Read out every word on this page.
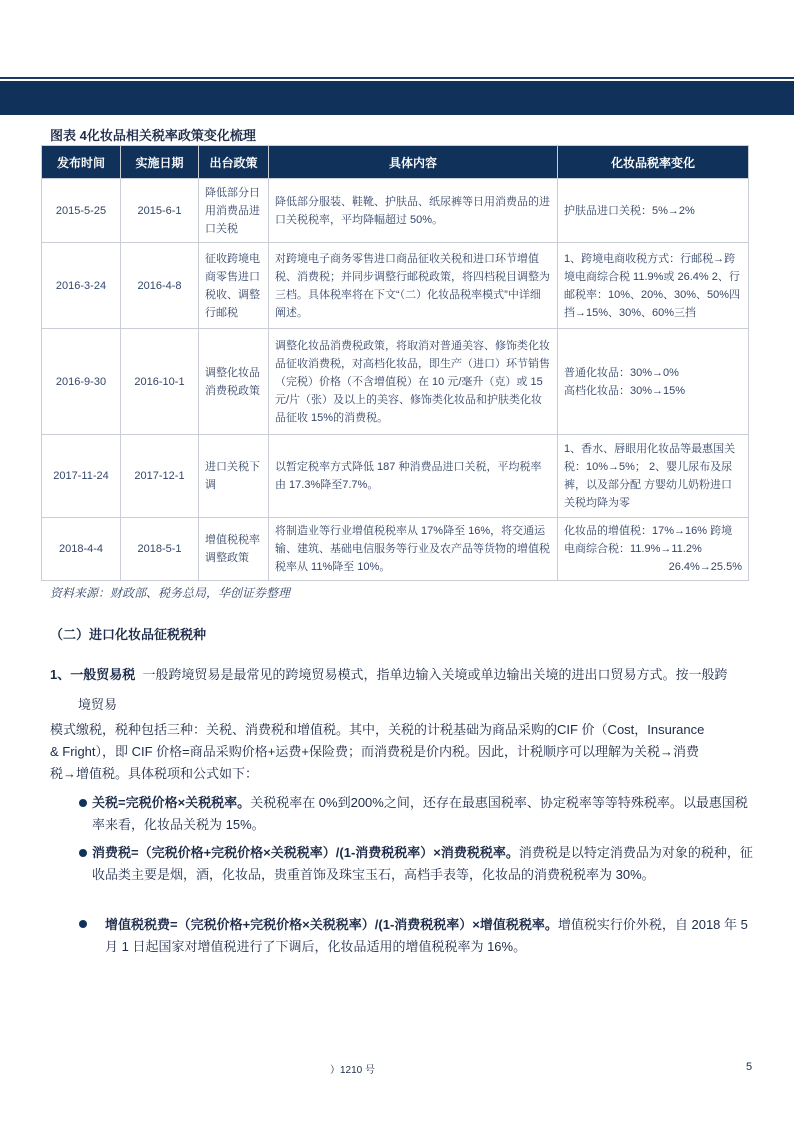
图表 4化妆品相关税率政策变化梳理
发布时间	实施日期	出台政策	具体内容	化妆品税率变化
2015-5-25	2015-6-1	降低部分日用消费品进口关税	降低部分服装、鞋靴、护肤品、纸尿裤等日用消费品的进口关税税率，平均降幅超过 50%。	护肤品进口关税：5%→2%
2016-3-24	2016-4-8	征收跨境电商零售进口税收、调整行邮税	对跨境电子商务零售进口商品征收关税和进口环节增值税、消费税；并同步调整行邮税政策，将四档税目调整为三档。具体税率将在下文“（二）化妆品税率模式”中详细阐述。	1、跨境电商收税方式：行邮税→跨境电商综合税 11.9%或 26.4% 2、行邮税率：10%、20%、30%、50%四挡→15%、30%、60%三挡
2016-9-30	2016-10-1	调整化妆品消费税政策	调整化妆品消费税政策，将取消对普通美容、修饰类化妆品征收消费税，对高档化妆品，即生产（进口）环节销售（完税）价格（不含增值税）在 10 元/毫升（克）或 15 元/片（张）及以上的美容、修饰类化妆品和护肤类化妆品征收 15%的消费税。	普通化妆品：30%→0%
高档化妆品：30%→15%

2017-11-24	2017-12-1	进口关税下调	以暂定税率方式降低 187 种消费品进口关税，平均税率由 17.3%降至7.7%。	1、香水、唇眼用化妆品等最惠国关税：10%→5%； 2、婴儿尿布及尿裤，以及部分配 方婴幼儿奶粉进口关税均降为零
2018-4-4	2018-5-1	增值税税率调整政策	将制造业等行业增值税税率从 17%降至 16%，将交通运输、建筑、基础电信服务等行业及农产品等货物的增值税税率从 11%降至 10%。	化妆品的增值税：17%→16% 跨境电商综合税：11.9%→11.2%
26.4%→25.5%
资料来源：财政部、税务总局，华创证券整理
（二）进口化妆品征税税种
1、一般贸易税 一般跨境贸易是最常见的跨境贸易模式，指单边输入关境或单边输出关境的进出口贸易方式。按一般跨
境贸易
模式缴税，税种包括三种：关税、消费税和增值税。其中，关税的计税基础为商品采购的CIF 价（Cost，Insurance
& Fright），即 CIF 价格=商品采购价格+运费+保险费；而消费税是价内税。因此，计税顺序可以理解为关税→消费
税→增值税。具体税项和公式如下：
关税=完税价格×关税税率。关税税率在 0%到200%之间，还存在最惠国税率、协定税率等等特殊税率。以最惠国税率来看，化妆品关税为 15%。
消费税=（完税价格+完税价格×关税税率）/(1-消费税税率）×消费税税率。消费税是以特定消费品为对象的税种，征收品类主要是烟，酒，化妆品，贵重首饰及珠宝玉石，高档手表等，化妆品的消费税税率为 30%。
增值税税费=（完税价格+完税价格×关税税率）/(1-消费税税率）×增值税税率。增值税实行价外税，自 2018 年 5 月 1 日起国家对增值税进行了下调后，化妆品适用的增值税税率为 16%。
）1210 号	5
